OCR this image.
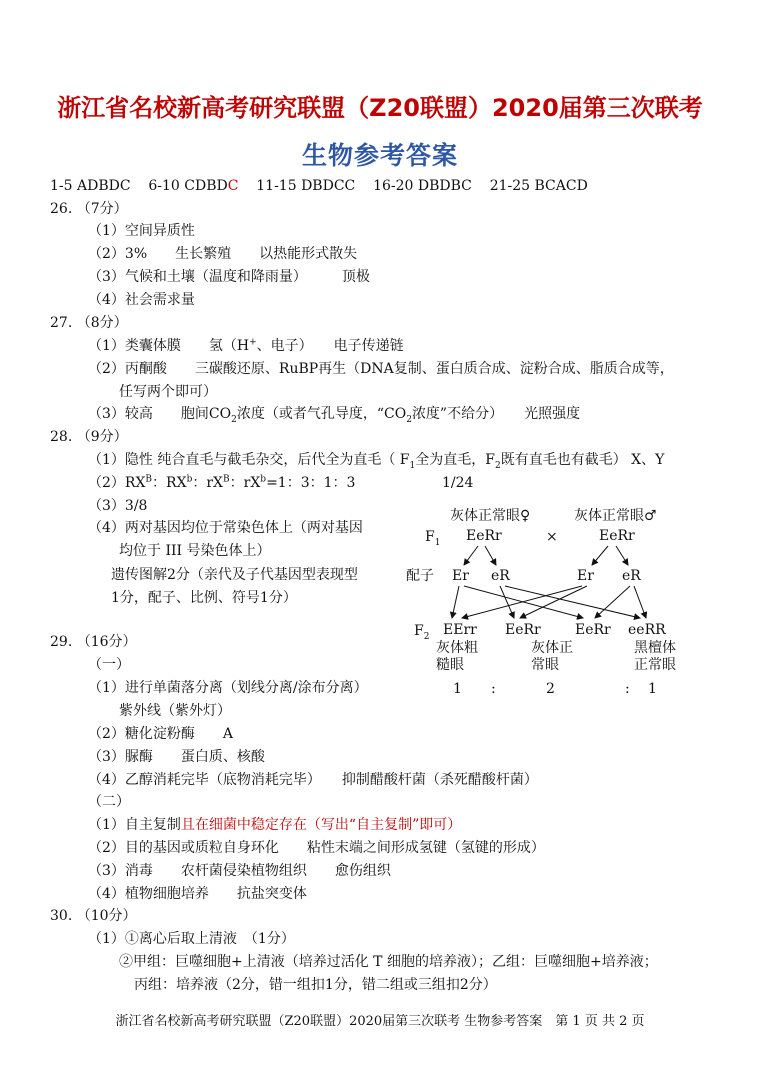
浙江省名校新高考研究联盟（Z20联盟）2020届第三次联考
生物参考答案
1-5 ADBDC 6-10 CDBDC 11-15 DBDCC 16-20 DBDBC 21-25 BCACD
26. （7分）
（1）空间异质性
（2）3%　　生长繁殖　　以热能形式散失
（3）气候和土壤（温度和降雨量）　　　顶极
（4）社会需求量
27. （8分）
（1）类囊体膜　　氢（H+、电子）　　电子传递链
（2）丙酮酸　　三碳酸还原、RuBP再生（DNA复制、蛋白质合成、淀粉合成、脂质合成等，
任写两个即可）
（3）较高　　胞间$CO_2$浓度（或者气孔导度，“$CO_2$浓度”不给分）　　光照强度
28. （9分）
（1）隐性 纯合直毛与截毛杂交，后代全为直毛（ $F_1$全为直毛，$F_2$既有直毛也有截毛） X、Y
$(2)RX^B$：$RX^b$：$rX^B$：$rX^b=1$：3：1：3	1/24
（3）3/8
（4）两对基因均位于常染色体上（两对基因
均位于 III 号染色体上）
遗传图解2分（亲代及子代基因型表现型
1分，配子、比例、符号1分）
灰体正常眼♀	灰体正常眼♂
$F_1$ EeRr	×	EeRr
配子 Er eR	Er eR
$F_2$ EErr EeRr EeRr eeRR
灰体粗
糙眼
灰体正
常眼
黑檀体
正常眼
1 :	2	: 1
29. （16分）
（一）
（1）进行单菌落分离（划线分离/涂布分离）
紫外线（紫外灯）
（2）糖化淀粉酶　　A
（3）脲酶　　蛋白质、核酸
（4）乙醇消耗完毕（底物消耗完毕）　　抑制醋酸杆菌（杀死醋酸杆菌）
（二）
（1）自主复制且在细菌中稳定存在（写出“自主复制”即可）
（2）目的基因或质粒自身环化　　粘性末端之间形成氢键（氢键的形成）
（3）消毒　　农杆菌侵染植物组织　　愈伤组织
（4）植物细胞培养　　抗盐突变体
30. （10分）
（1）①离心后取上清液　（1分）
②甲组：巨噬细胞+上清液（培养过活化 T 细胞的培养液）；乙组：巨噬细胞+培养液；
丙组：培养液（2分，错一组扣1分，错二组或三组扣2分）
浙江省名校新高考研究联盟（Z20联盟）2020届第三次联考 生物参考答案　第 1 页 共 2 页
